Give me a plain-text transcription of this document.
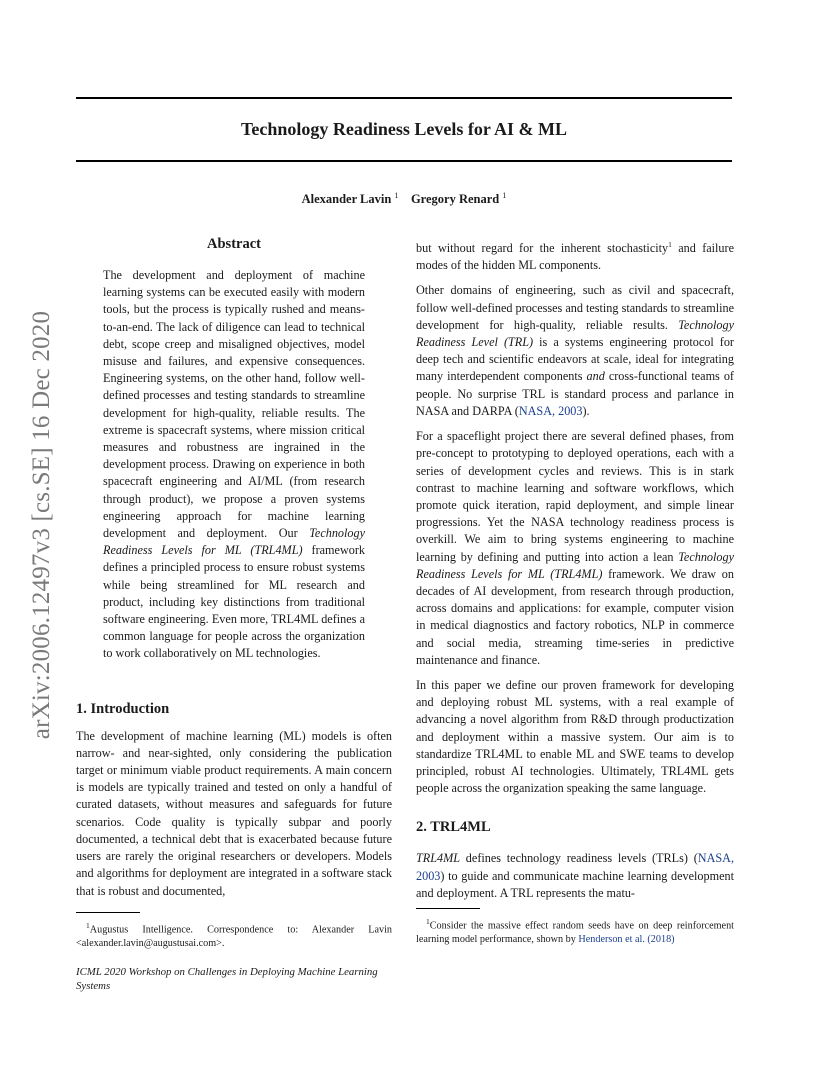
arXiv:2006.12497v3 [cs.SE] 16 Dec 2020
Technology Readiness Levels for AI & ML
Alexander Lavin $^1$ Gregory Renard $^1$
Abstract

The development and deployment of machine learning systems can be executed easily with modern tools, but the process is typically rushed and means-to-an-end. The lack of diligence can lead to technical debt, scope creep and misaligned objectives, model misuse and failures, and expensive consequences. Engineering systems, on the other hand, follow well-defined processes and testing standards to streamline development for high-quality, reliable results. The extreme is spacecraft systems, where mission critical measures and robustness are ingrained in the development process. Drawing on experience in both spacecraft engineering and AI/ML (from research through product), we propose a proven systems engineering approach for machine learning development and deployment. Our Technology Readiness Levels for ML (TRL4ML) framework defines a principled process to ensure robust systems while being streamlined for ML research and product, including key distinctions from traditional software engineering. Even more, TRL4ML defines a common language for people across the organization to work collaboratively on ML technologies.

1. Introduction

The development of machine learning (ML) models is often narrow- and near-sighted, only considering the publication target or minimum viable product requirements. A main concern is models are typically trained and tested on only a handful of curated datasets, without measures and safeguards for future scenarios. Code quality is typically subpar and poorly documented, a technical debt that is exacerbated because future users are rarely the original researchers or developers. Models and algorithms for deployment are integrated in a software stack that is robust and documented,

$^1$Augustus Intelligence. Correspondence to: Alexander Lavin <alexander.lavin@augustusai.com>.

ICML 2020 Workshop on Challenges in Deploying Machine Learning Systems

but without regard for the inherent stochasticity$^1$ and failure modes of the hidden ML components.

Other domains of engineering, such as civil and spacecraft, follow well-defined processes and testing standards to streamline development for high-quality, reliable results. Technology Readiness Level (TRL) is a systems engineering protocol for deep tech and scientific endeavors at scale, ideal for integrating many interdependent components and cross-functional teams of people. No surprise TRL is standard process and parlance in NASA and DARPA (NASA, 2003).

For a spaceflight project there are several defined phases, from pre-concept to prototyping to deployed operations, each with a series of development cycles and reviews. This is in stark contrast to machine learning and software workflows, which promote quick iteration, rapid deployment, and simple linear progressions. Yet the NASA technology readiness process is overkill. We aim to bring systems engineering to machine learning by defining and putting into action a lean Technology Readiness Levels for ML (TRL4ML) framework. We draw on decades of AI development, from research through production, across domains and applications: for example, computer vision in medical diagnostics and factory robotics, NLP in commerce and social media, streaming time-series in predictive maintenance and finance.

In this paper we define our proven framework for developing and deploying robust ML systems, with a real example of advancing a novel algorithm from R&D through productization and deployment within a massive system. Our aim is to standardize TRL4ML to enable ML and SWE teams to develop principled, robust AI technologies. Ultimately, TRL4ML gets people across the organization speaking the same language.

2. TRL4ML

TRL4ML defines technology readiness levels (TRLs) (NASA, 2003) to guide and communicate machine learning development and deployment. A TRL represents the matu-

$^1$Consider the massive effect random seeds have on deep reinforcement learning model performance, shown by Henderson et al. (2018)
